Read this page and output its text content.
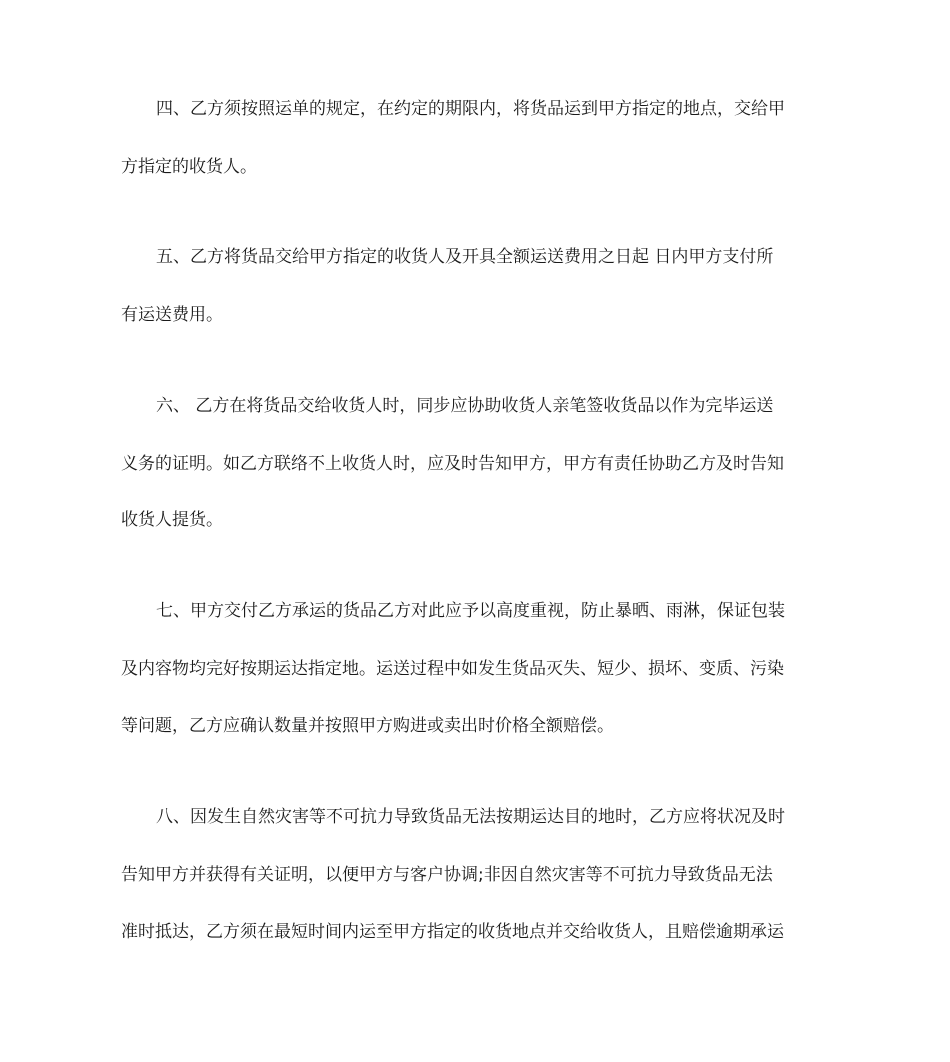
四、乙方须按照运单的规定，在约定的期限内，将货品运到甲方指定的地点，交给甲
方指定的收货人。
五、乙方将货品交给甲方指定的收货人及开具全额运送费用之日起 日内甲方支付所
有运送费用。
六、 乙方在将货品交给收货人时，同步应协助收货人亲笔签收货品以作为完毕运送
义务的证明。如乙方联络不上收货人时，应及时告知甲方，甲方有责任协助乙方及时告知
收货人提货。
七、甲方交付乙方承运的货品乙方对此应予以高度重视，防止暴晒、雨淋，保证包装
及内容物均完好按期运达指定地。运送过程中如发生货品灭失、短少、损坏、变质、污染
等问题，乙方应确认数量并按照甲方购进或卖出时价格全额赔偿。
八、因发生自然灾害等不可抗力导致货品无法按期运达目的地时，乙方应将状况及时
告知甲方并获得有关证明，以便甲方与客户协调;非因自然灾害等不可抗力导致货品无法
准时抵达，乙方须在最短时间内运至甲方指定的收货地点并交给收货人，且赔偿逾期承运
